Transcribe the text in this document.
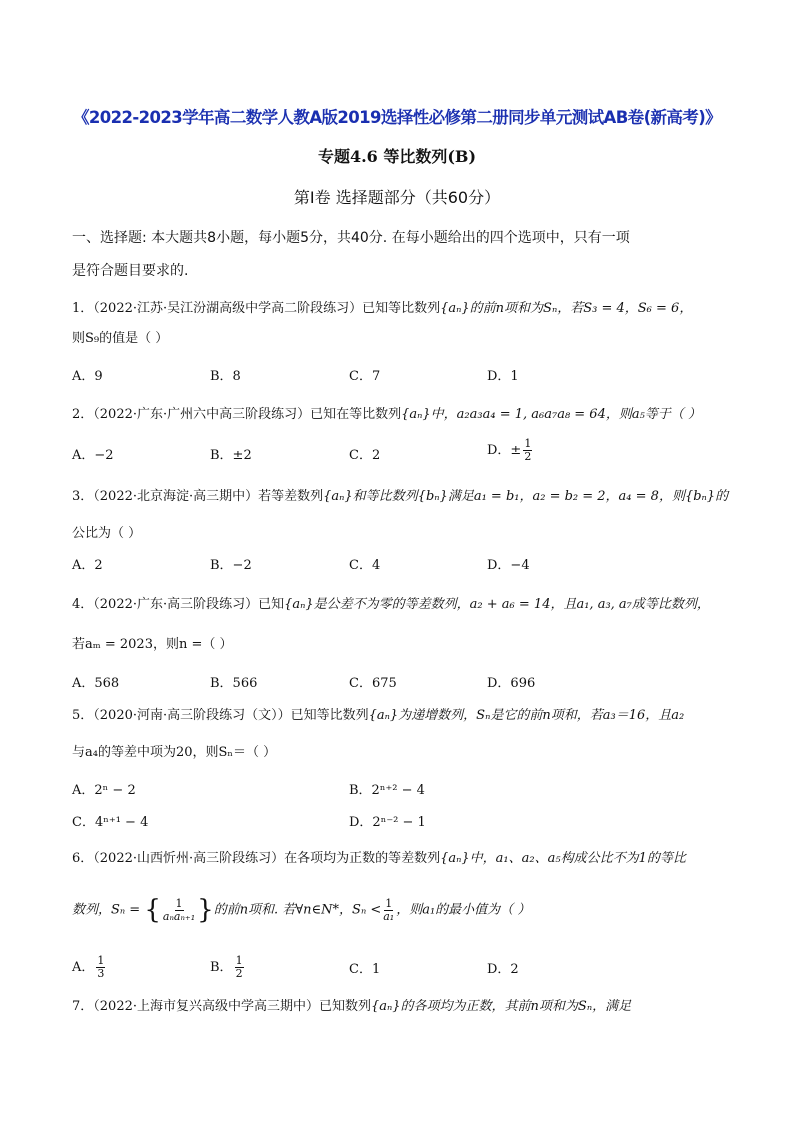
《2022-2023学年高二数学人教A版2019选择性必修第二册同步单元测试AB卷(新高考)》
专题4.6 等比数列(B)
第Ⅰ卷 选择题部分（共60分）
一、选择题: 本大题共8小题，每小题5分，共40分. 在每小题给出的四个选项中，只有一项
是符合题目要求的.
1．（2022·江苏·吴江汾湖高级中学高二阶段练习）已知等比数列{aₙ}的前n项和为Sₙ，若S₃ = 4，S₆ = 6，
则S₉的值是（ ）
A．9	B．8	C．7	D．1
2．（2022·广东·广州六中高三阶段练习）已知在等比数列{aₙ}中，a₂a₃a₄ = 1, a₆a₇a₈ = 64，则a₅等于（ ）
A．−2	B．±2	C．2	D．± $\frac{1}{2}$
3．（2022·北京海淀·高三期中）若等差数列{aₙ}和等比数列{bₙ}满足a₁ = b₁，a₂ = b₂ = 2，a₄ = 8，则{bₙ}的
公比为（ ）
A．2	B．−2	C．4	D．−4
4．（2022·广东·高三阶段练习）已知{aₙ}是公差不为零的等差数列，a₂ + a₆ = 14，且a₁, a₃, a₇成等比数列，
若aₘ = 2023，则n =（ ）
A．568	B．566	C．675	D．696
5．（2020·河南·高三阶段练习（文））已知等比数列{aₙ}为递增数列，Sₙ是它的前n项和，若a₃＝16，且a₂
与a₄的等差中项为20，则Sₙ＝（ ）
A．2ⁿ − 2	B．2ⁿ⁺² − 4
C．4ⁿ⁺¹ − 4	D．2ⁿ⁻² − 1
6．（2022·山西忻州·高三阶段练习）在各项均为正数的等差数列{aₙ}中，a₁、a₂、a₅构成公比不为1的等比
数列，Sₙ = { $\frac{1}{\text{aₙaₙ₊₁}}$ }的前n项和. 若∀n∈N*，$S_n < \frac{1}{\text{a₁}}$ ，则a₁的最小值为（ ）
A． $\frac{1}{3}$	B． $\frac{1}{2}$	C．1	D．2
7．（2022·上海市复兴高级中学高三期中）已知数列{aₙ}的各项均为正数，其前n项和为Sₙ，满足
